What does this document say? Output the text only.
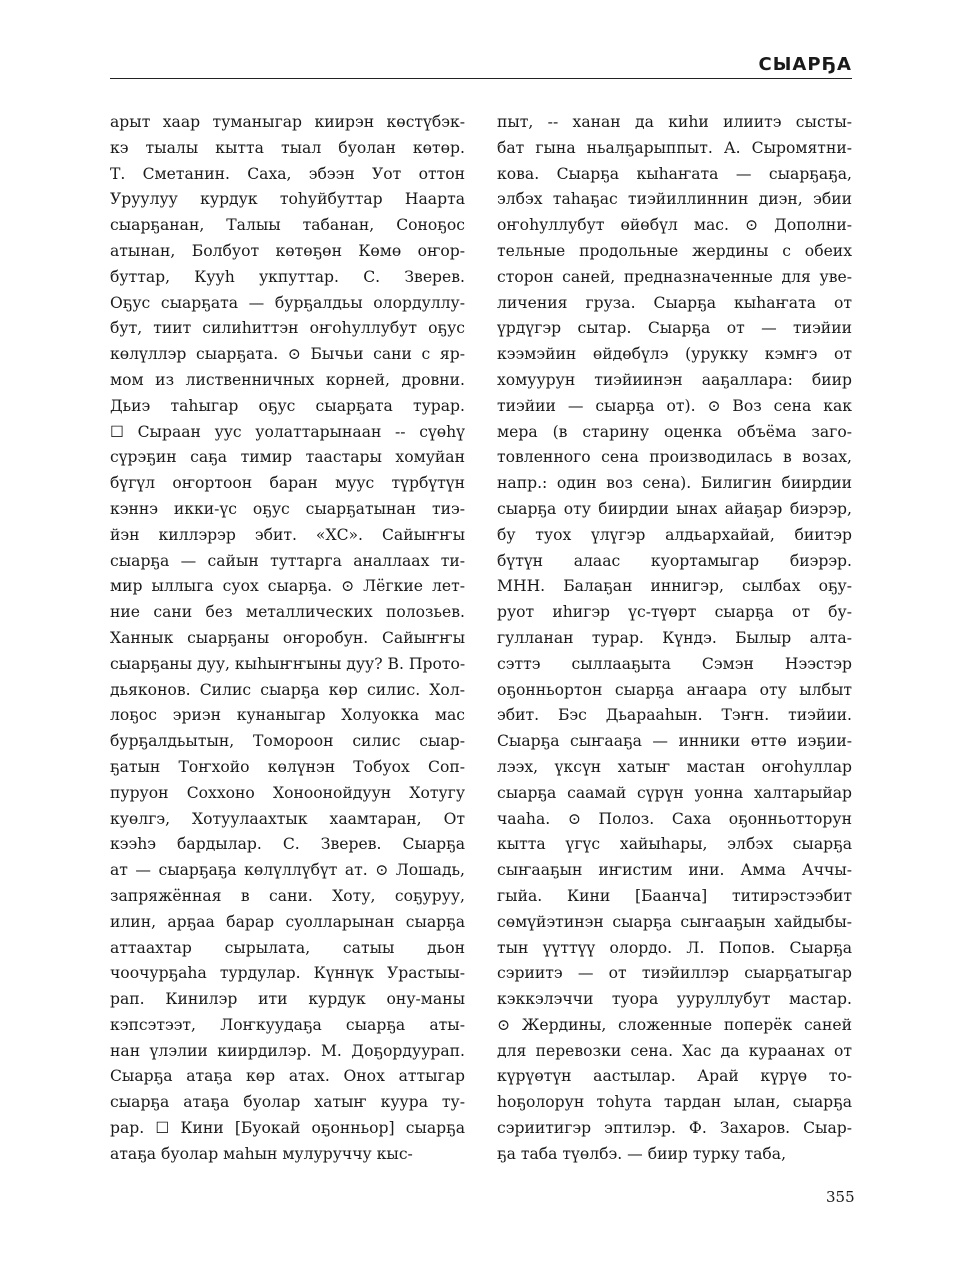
СЫАРҔА
арыт хаар туманыгар киирэн көстүбэк-
кэ тыалы кытта тыал буолан көтөр.
Т. Сметанин. Саха, эбээн Уот оттон
Уруулуу курдук тоһуйбуттар Наарта
сыарҕанан, Талыы табанан, Соноҕос
атынан, Болбуот көтөҕөн Көмө оҥор-
буттар, Кууһ укпуттар. С. Зверев.
Оҕус сыарҕата — бурҕалдьы олордуллу-
бут, тиит силиһиттэн оҥоһуллубут оҕус
көлүллэр сыарҕата. ⊙ Бычьи сани с яр-
мом из лиственничных корней, дровни.
Дьиэ таһыгар оҕус сыарҕата турар.
☐ Сыраан уус уолаттарынаан -- сүөһү
сүрэҕин саҕа тимир таастары хомуйан
бүгүл оҥортоон баран муус түрбүтүн
кэннэ икки-үс оҕус сыарҕатынан тиэ-
йэн киллэрэр эбит. «ХС». Сайыҥҥы
сыарҕа — сайын туттарга аналлаах ти-
мир ыллыга суох сыарҕа. ⊙ Лёгкие лет-
ние сани без металлических полозьев.
Ханнык сыарҕаны оҥоробун. Сайыҥҥы
сыарҕаны дуу, кыһыҥҥыны дуу? В. Прото-
дьяконов. Силис сыарҕа көр силис. Хол-
лоҕос эриэн кунаныгар Холуокка мас
бурҕалдьытын, Томороон силис сыар-
ҕатын Тоҥхойо көлүнэн Тобуох Соп-
пуруон Соххоно Хоноонойдуун Хотугу
куөлгэ, Хотуулаахтык хаамтаран, От
кээһэ бардылар. С. Зверев. Сыарҕа
ат — сыарҕаҕа көлүллүбүт ат. ⊙ Лошадь,
запряжённая в сани. Хоту, соҕуруу,
илин, арҕаа барар суолларынан сыарҕа
аттаахтар сырылата, сатыы дьон
чоочурҕаһа турдулар. Күннүк Урастыы-
рап. Кинилэр ити курдук ону-маны
кэпсэтээт, Лоҥкуудаҕа сыарҕа аты-
нан үлэлии киирдилэр. М. Доҕордуурап.
Сыарҕа атаҕа көр атах. Онох аттыгар
сыарҕа атаҕа буолар хатыҥ куура ту-
рар. ☐ Кини [Буокай оҕонньор] сыарҕа
атаҕа буолар маһын мулуруччу кыс-
пыт, -- ханан да киһи илиитэ сысты-
бат гына ньалҕарыппыт. А. Сыромятни-
кова. Сыарҕа кыһаҥата — сыарҕаҕа,
элбэх таһаҕас тиэйиллиннин диэн, эбии
оҥоһуллубут өйөбүл мас. ⊙ Дополни-
тельные продольные жердины с обеих
сторон саней, предназначенные для уве-
личения груза. Сыарҕа кыһаҥата от
үрдүгэр сытар. Сыарҕа от — тиэйии
кээмэйин өйдөбүлэ (урукку кэмҥэ от
хомуурун тиэйиинэн ааҕаллара: биир
тиэйии — сыарҕа от). ⊙ Воз сена как
мера (в старину оценка объёма заго-
товленного сена производилась в возах,
напр.: один воз сена). Билигин биирдии
сыарҕа оту биирдии ынах айаҕар биэрэр,
бу туох үлүгэр алдьархайай, биитэр
бүтүн алаас куортамыгар биэрэр.
МНН. Балаҕан иннигэр, сылбах оҕу-
руот иһигэр үс-түөрт сыарҕа от бу-
гулланан турар. Күндэ. Былыр алта-
сэттэ сыллааҕыта Сэмэн Нээстэр
оҕонньортон сыарҕа аҥаара оту ылбыт
эбит. Бэс Дьарааһын. Тэҥн. тиэйии.
Сыарҕа сыҥааҕа — инники өттө иэҕии-
лээх, үксүн хатыҥ мастан оҥоһуллар
сыарҕа саамай сүрүн уонна халтарыйар
чааһа. ⊙ Полоз. Саха оҕонньотторун
кытта үгүс хайыһары, элбэх сыарҕа
сыҥааҕын иҥистим ини. Амма Аччы-
гыйа. Кини [Баанча] титирэстээбит
сөмүйэтинэн сыарҕа сыҥааҕын хайдыбы-
тын үүттүү олордо. Л. Попов. Сыарҕа
сэриитэ — от тиэйиллэр сыарҕатыгар
кэккэлэччи туора ууруллубут мастар.
⊙ Жердины, сложенные поперёк саней
для перевозки сена. Хас да кураанах от
күрүөтүн аастылар. Арай күрүө то-
һоҕолорун тоһута тардан ылан, сыарҕа
сэриитигэр эптилэр. Ф. Захаров. Сыар-
ҕа таба түөлбэ. — биир турку таба,
355
